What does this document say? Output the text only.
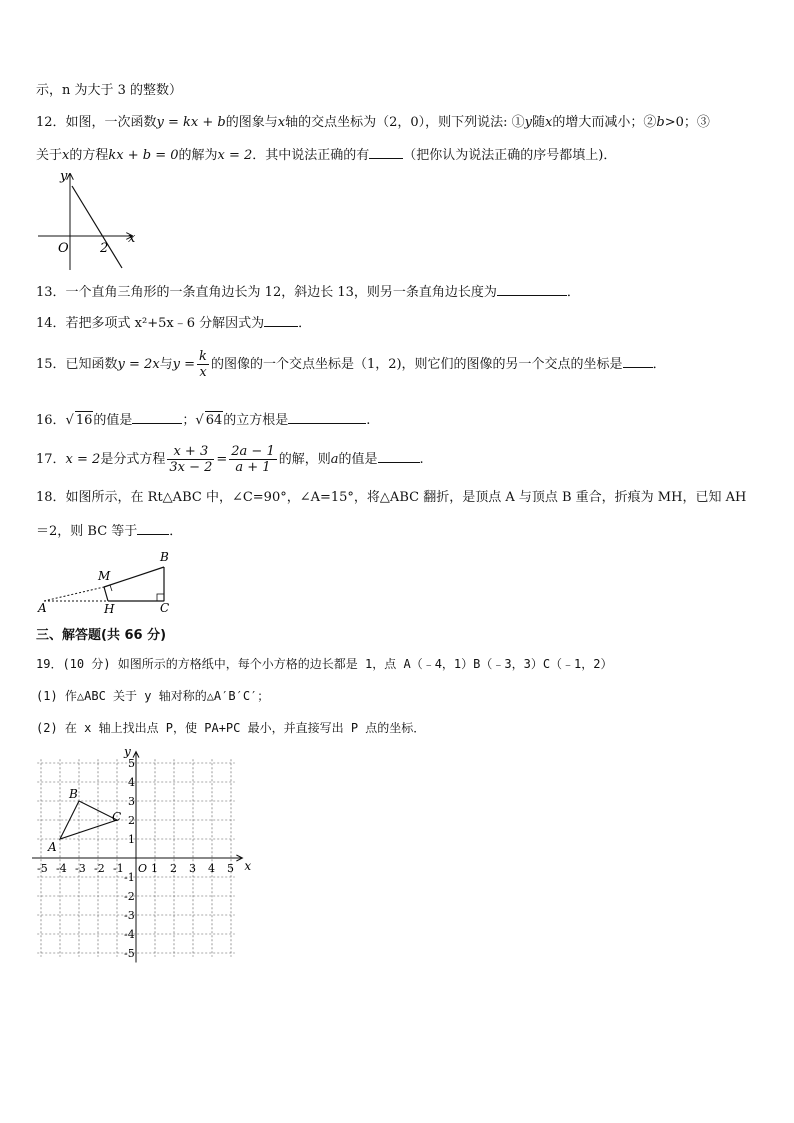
示，n 为大于 3 的整数）
12．如图，一次函数y = kx + b的图象与x轴的交点坐标为（2，0），则下列说法: ①y随x的增大而减小；②b>0；③
关于x的方程kx + b = 0的解为x = 2．其中说法正确的有	（把你认为说法正确的序号都填上)．
y
x
O 2
13．一个直角三角形的一条直角边长为 12，斜边长 13，则另一条直角边长度为	．
14．若把多项式 x²+5x﹣6 分解因式为	．
15．已知函数y = 2x与$y = \frac{k}{x}$ 的图像的一个交点坐标是（1，2)，则它们的图像的另一个交点的坐标是 ．
16．√ 16的值是	；√ 64的立方根是	.
17．x = 2是分式方程 $\frac{x + 3}{3x - 2} = \frac{2a - 1}{a + 1}$ 的解，则a的值是	.
18．如图所示，在 Rt△ABC 中，∠C=90°，∠A=15°，将△ABC 翻折，是顶点 A 与顶点 B 重合，折痕为 MH，已知 AH
＝2，则 BC 等于 ．
A
B
C
M
H
三、解答题(共 66 分)
19．(10 分) 如图所示的方格纸中，每个小方格的边长都是 1，点 A（﹣4，1）B（﹣3，3）C（﹣1，2）
(1) 作△ABC 关于 y 轴对称的△A′B′C′；
(2) 在 x 轴上找出点 P，使 PA+PC 最小，并直接写出 P 点的坐标．
-5 -4 -3 -2 -1 1 2 3 4 5
5
4
3
2
1
-1
-2
-3
-4
-5
x
y
O
A
B
C
